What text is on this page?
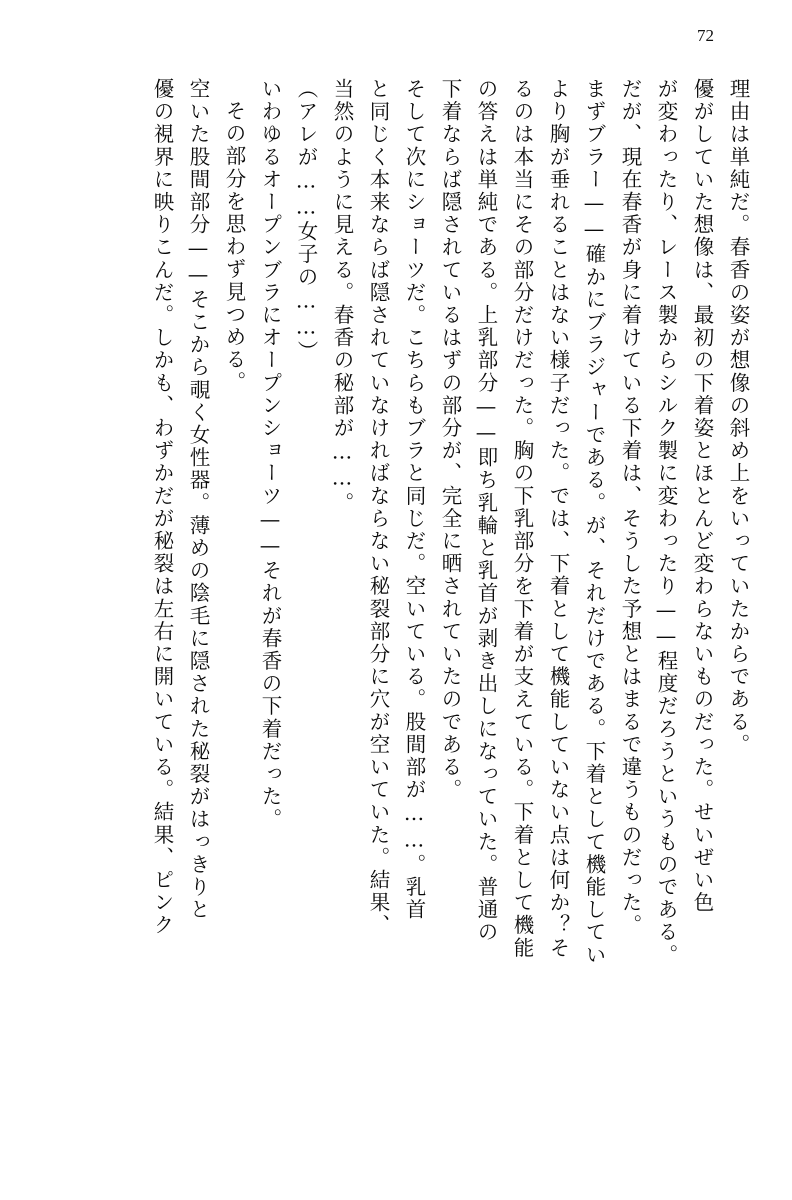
72
理由は単純だ。春香の姿が想像の斜め上をいっていたからである。
優がしていた想像は、最初の下着姿とほとんど変わらないものだった。せいぜい色
が変わったり、レース製からシルク製に変わったり——程度だろうというものである。
だが、現在春香が身に着けている下着は、そうした予想とはまるで違うものだった。
まずブラー——確かにブラジャーである。が、それだけである。下着として機能してい
より胸が垂れることはない様子だった。では、下着として機能していない点は何か？そ
るのは本当にその部分だけだった。胸の下乳部分を下着が支えている。下着として機能
の答えは単純である。上乳部分——即ち乳輪と乳首が剥き出しになっていた。普通の
下着ならば隠されているはずの部分が、完全に晒されていたのである。
そして次にショーツだ。こちらもブラと同じだ。空いている。股間部が……。乳首
と同じく本来ならば隠されていなければならない秘裂部分に穴が空いていた。結果、
当然のように見える。春香の秘部が……。
（アレが……女子の……）
いわゆるオープンブラにオープンショーツ——それが春香の下着だった。
その部分を思わず見つめる。
空いた股間部分——そこから覗く女性器。薄めの陰毛に隠された秘裂がはっきりと
優の視界に映りこんだ。しかも、わずかだが秘裂は左右に開いている。結果、ピンク
